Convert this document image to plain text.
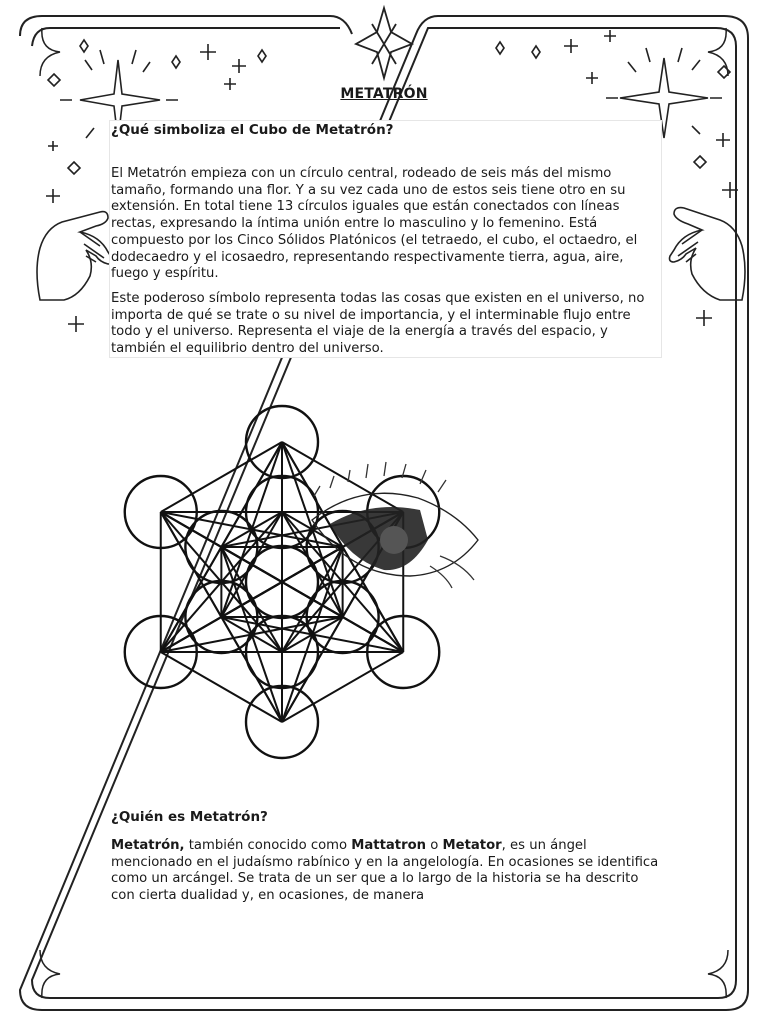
METATRÓN

¿Qué simboliza el Cubo de Metatrón?

El Metatrón empieza con un círculo central, rodeado de seis más del mismo tamaño, formando una flor. Y a su vez cada uno de estos seis tiene otro en su extensión. En total tiene 13 círculos iguales que están conectados con líneas rectas, expresando la íntima unión entre lo masculino y lo femenino. Está compuesto por los Cinco Sólidos Platónicos (el tetraedo, el cubo, el octaedro, el dodecaedro y el icosaedro, representando respectivamente tierra, agua, aire, fuego y espíritu.

Este poderoso símbolo representa todas las cosas que existen en el universo, no importa de qué se trate o su nivel de importancia, y el interminable flujo entre todo y el universo. Representa el viaje de la energía a través del espacio, y también el equilibrio dentro del universo.

¿Quién es Metatrón?

Metatrón, también conocido como Mattatron o Metator, es un ángel mencionado en el judaísmo rabínico y en la angelología. En ocasiones se identifica como un arcángel. Se trata de un ser que a lo largo de la historia se ha descrito con cierta dualidad y, en ocasiones, de manera
